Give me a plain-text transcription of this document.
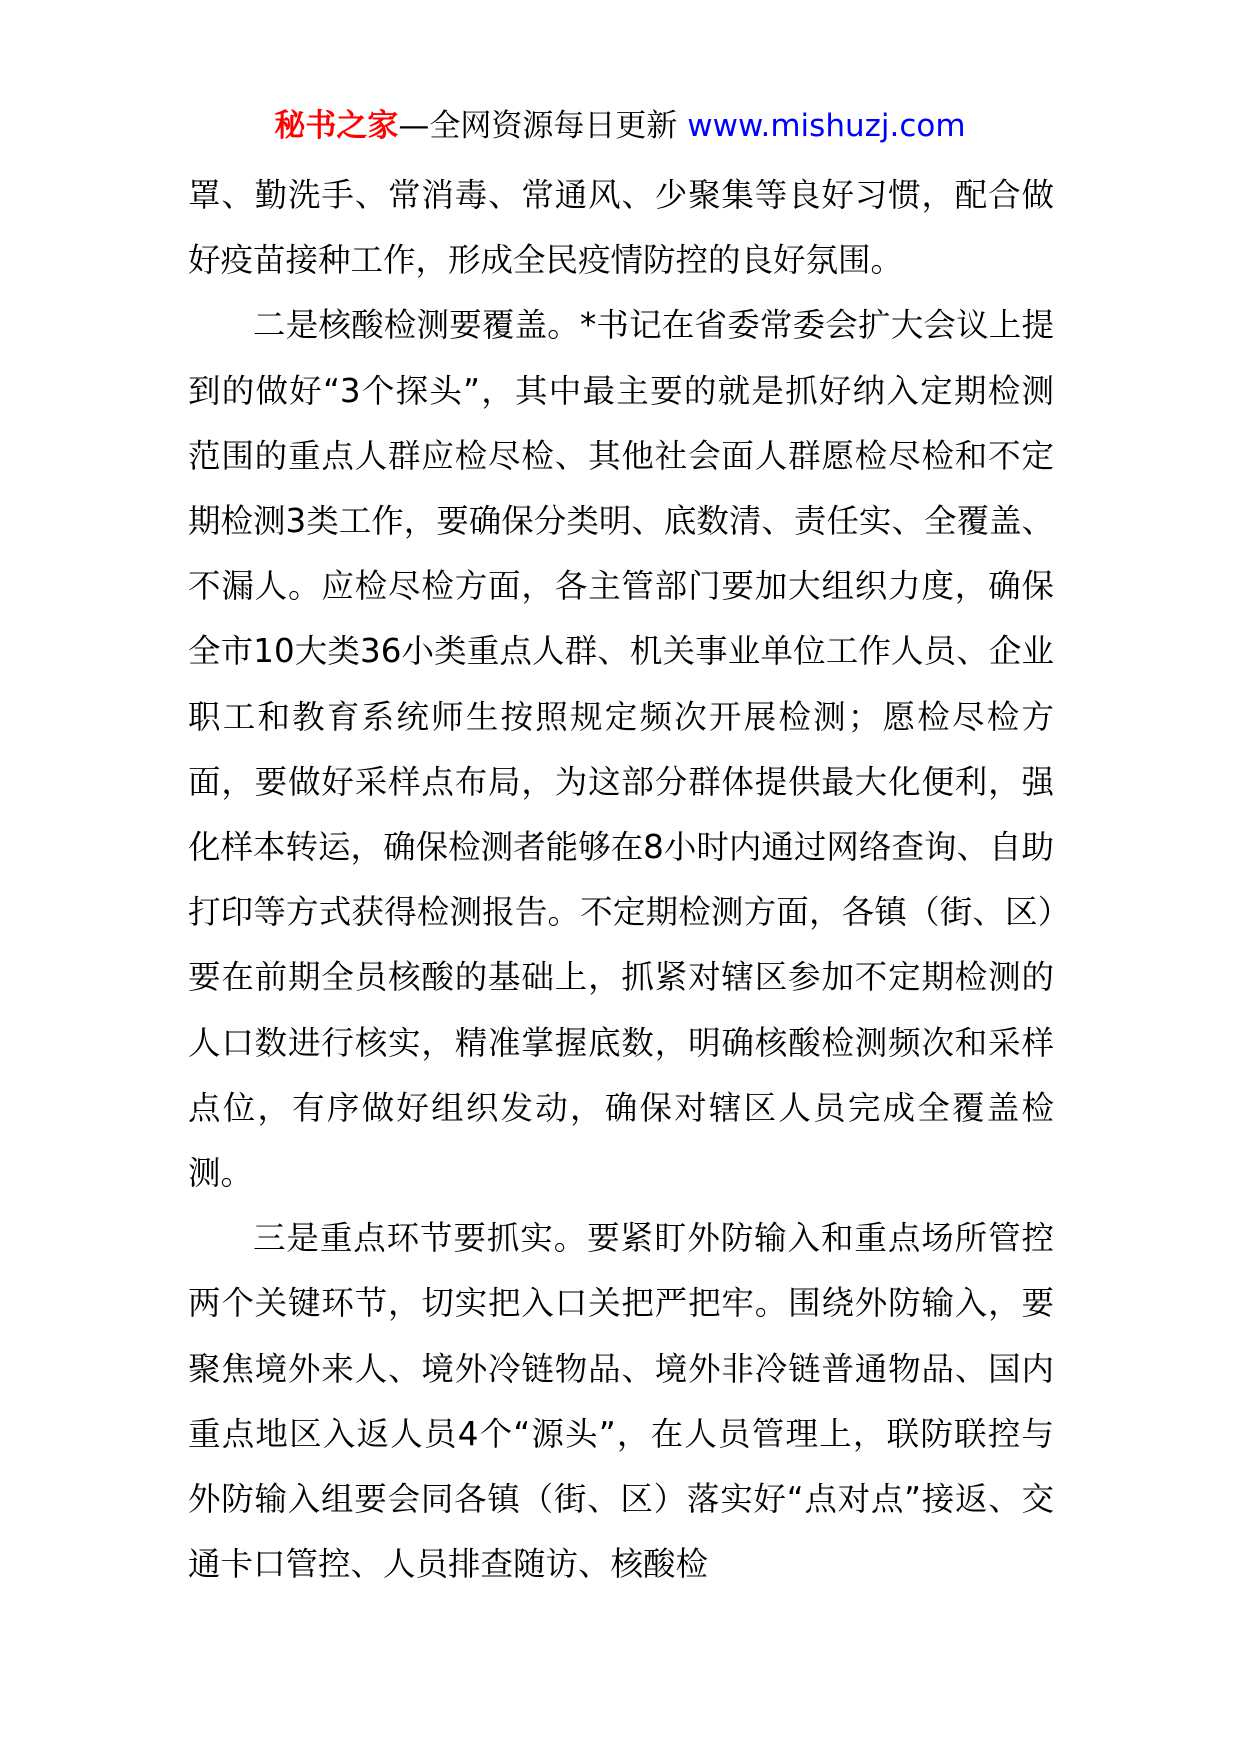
秘书之家—全网资源每日更新 www.mishuzj.com

罩、勤洗手、常消毒、常通风、少聚集等良好习惯，配合做好疫苗接种工作，形成全民疫情防控的良好氛围。

二是核酸检测要覆盖。*书记在省委常委会扩大会议上提到的做好“3个探头”，其中最主要的就是抓好纳入定期检测范围的重点人群应检尽检、其他社会面人群愿检尽检和不定期检测3类工作，要确保分类明、底数清、责任实、全覆盖、不漏人。应检尽检方面，各主管部门要加大组织力度，确保全市10大类36小类重点人群、机关事业单位工作人员、企业职工和教育系统师生按照规定频次开展检测；愿检尽检方面，要做好采样点布局，为这部分群体提供最大化便利，强化样本转运，确保检测者能够在8小时内通过网络查询、自助打印等方式获得检测报告。不定期检测方面，各镇（街、区）要在前期全员核酸的基础上，抓紧对辖区参加不定期检测的人口数进行核实，精准掌握底数，明确核酸检测频次和采样点位，有序做好组织发动，确保对辖区人员完成全覆盖检测。

三是重点环节要抓实。要紧盯外防输入和重点场所管控两个关键环节，切实把入口关把严把牢。围绕外防输入，要聚焦境外来人、境外冷链物品、境外非冷链普通物品、国内重点地区入返人员4个“源头”，在人员管理上，联防联控与外防输入组要会同各镇（街、区）落实好“点对点”接返、交通卡口管控、人员排查随访、核酸检
